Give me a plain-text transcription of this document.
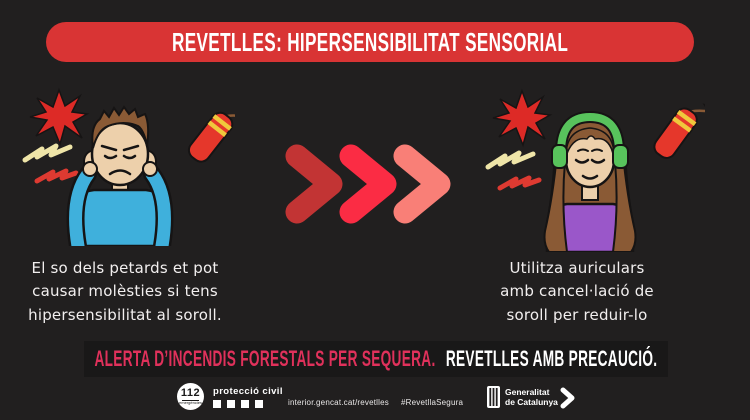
REVETLLES: HIPERSENSIBILITAT SENSORIAL
El so dels petards et pot
causar molèsties si tens
hipersensibilitat al soroll.
Utilitza auriculars
amb cancel·lació de
soroll per reduir-lo
ALERTA D’INCENDIS FORESTALS PER SEQUERA. REVETLLES AMB PRECAUCIÓ.
112
emergències
protecció civil
interior.gencat.cat/revetlles #RevetllaSegura
Generalitat
de Catalunya
